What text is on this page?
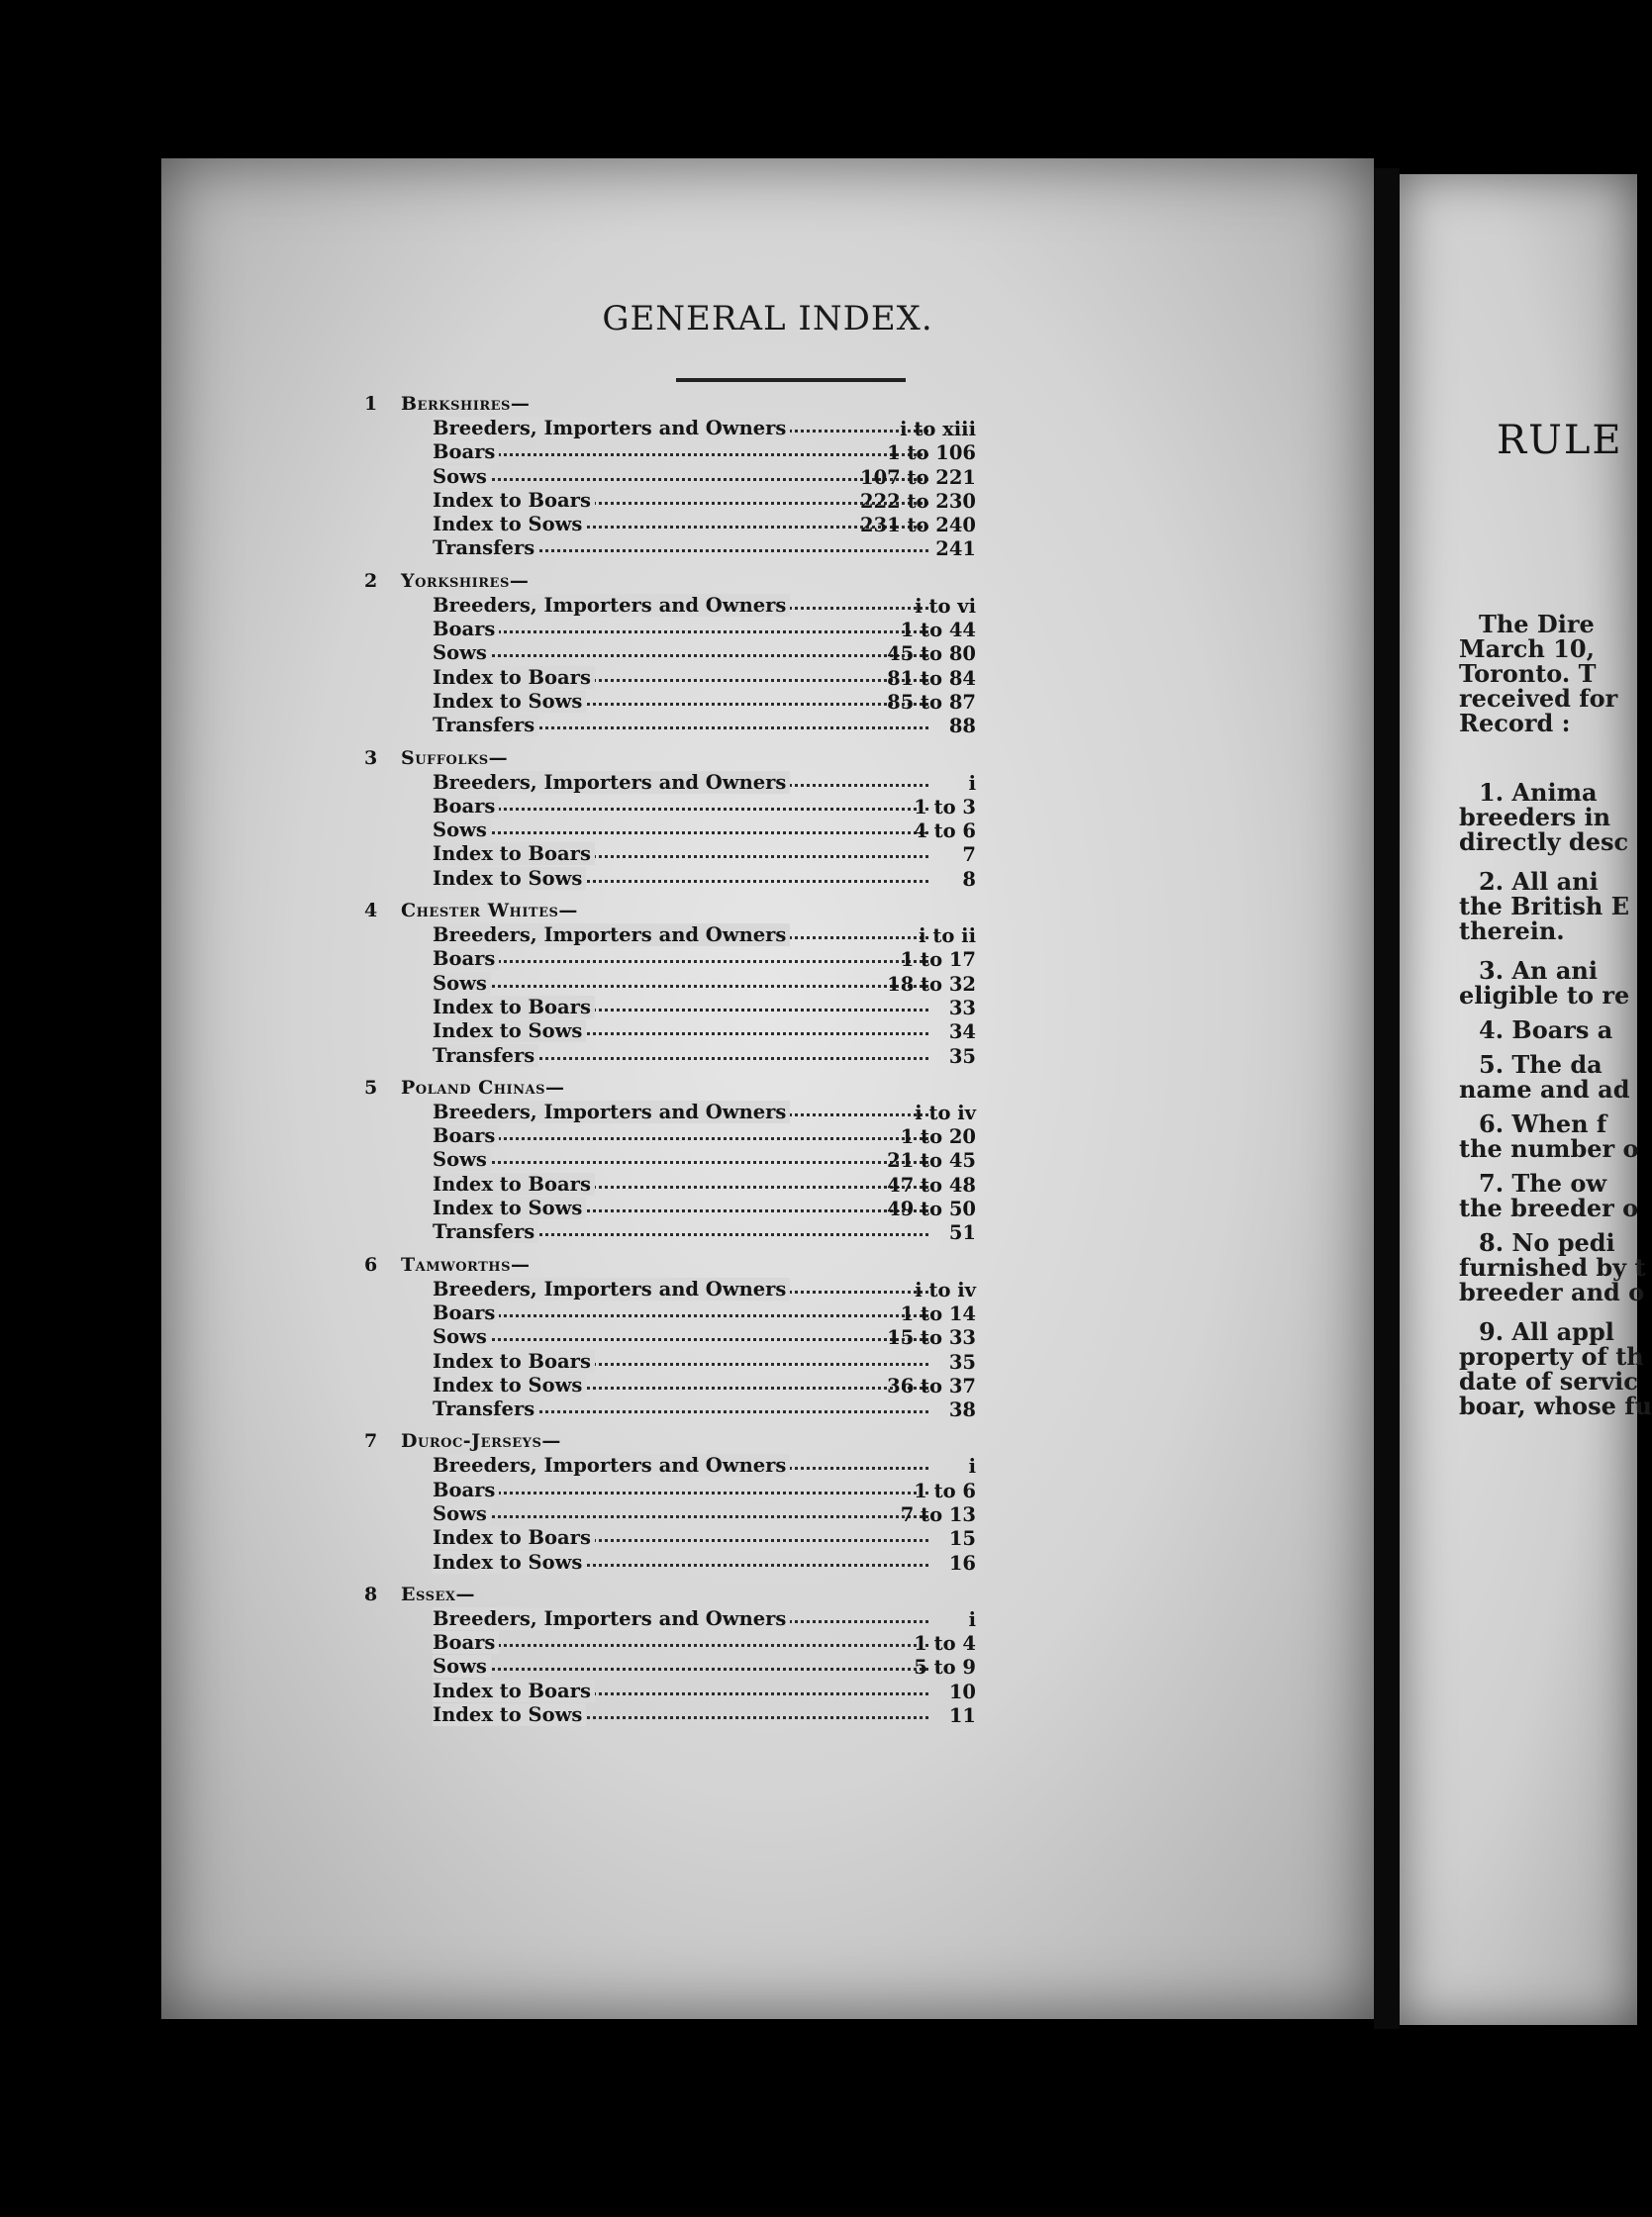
GENERAL INDEX.
1 Berkshires—
Breeders, Importers and Owners	i to xiii
Boars	1 to 106
Sows	107 to 221
Index to Boars	222 to 230
Index to Sows	231 to 240
Transfers	241
2 Yorkshires—
Breeders, Importers and Owners	i to vi
Boars	1 to 44
Sows	45 to 80
Index to Boars	81 to 84
Index to Sows	85 to 87
Transfers	88
3 Suffolks—
Breeders, Importers and Owners	i
Boars	1 to 3
Sows	4 to 6
Index to Boars	7
Index to Sows	8
4 Chester Whites—
Breeders, Importers and Owners	i to ii
Boars	1 to 17
Sows	18 to 32
Index to Boars	33
Index to Sows	34
Transfers	35
5 Poland Chinas—
Breeders, Importers and Owners	i to iv
Boars	1 to 20
Sows	21 to 45
Index to Boars	47 to 48
Index to Sows	49 to 50
Transfers	51
6 Tamworths—
Breeders, Importers and Owners	i to iv
Boars	1 to 14
Sows	15 to 33
Index to Boars	35
Index to Sows	36 to 37
Transfers	38
7 Duroc-Jerseys—
Breeders, Importers and Owners	i
Boars	1 to 6
Sows	7 to 13
Index to Boars	15
Index to Sows	16
8 Essex—
Breeders, Importers and Owners	i
Boars	1 to 4
Sows	5 to 9
Index to Boars	10
Index to Sows	11
RULE
The Dire
March 10,
Toronto. T
received for
Record :
1. Anima
breeders in
directly desc
2. All ani
the British E
therein.
3. An ani
eligible to re
4. Boars a
5. The da
name and ad
6. When f
the number o
7. The ow
the breeder o
8. No pedi
furnished by t
breeder and o
9. All appl
property of th
date of servic
boar, whose fu
